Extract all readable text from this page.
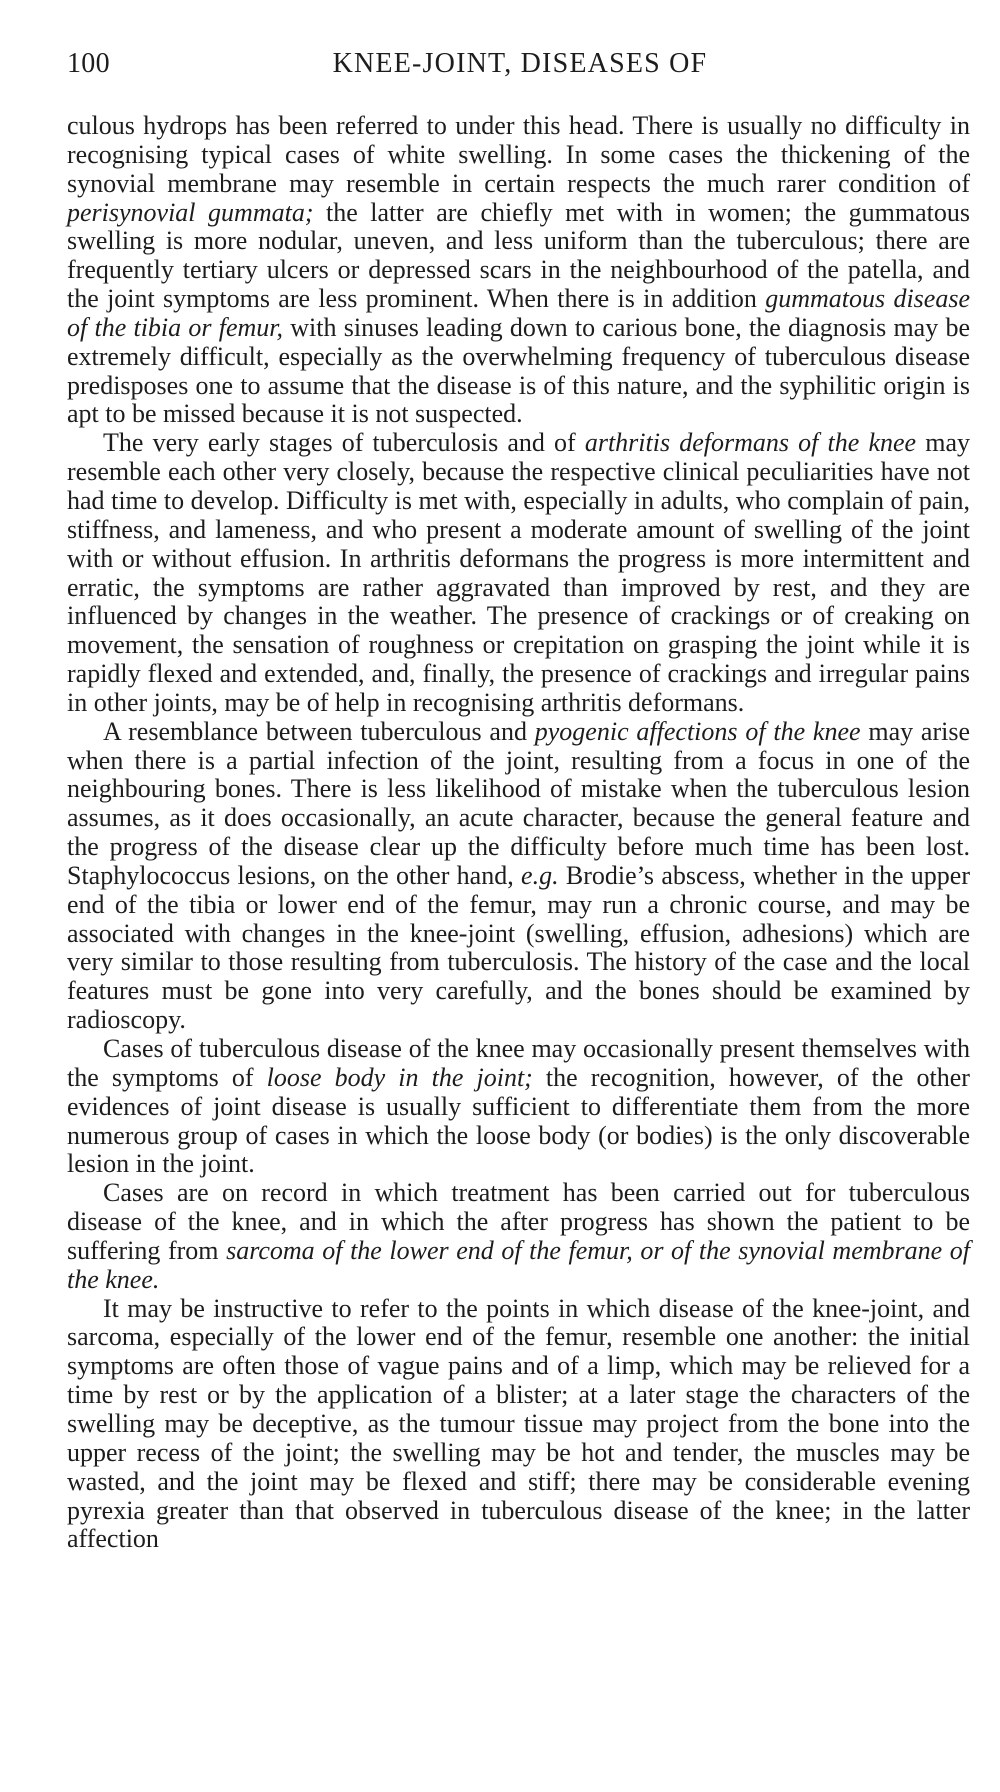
100	KNEE-JOINT, DISEASES OF

culous hydrops has been referred to under this head. There is usually no difficulty in recognising typical cases of white swelling. In some cases the thickening of the synovial membrane may resemble in certain respects the much rarer condition of perisynovial gummata; the latter are chiefly met with in women; the gummatous swelling is more nodular, uneven, and less uniform than the tuberculous; there are frequently tertiary ulcers or depressed scars in the neighbourhood of the patella, and the joint symptoms are less prominent. When there is in addition gummatous disease of the tibia or femur, with sinuses leading down to carious bone, the diagnosis may be extremely difficult, especially as the overwhelming frequency of tuberculous disease predisposes one to assume that the disease is of this nature, and the syphilitic origin is apt to be missed because it is not suspected.

The very early stages of tuberculosis and of arthritis deformans of the knee may resemble each other very closely, because the respective clinical peculiarities have not had time to develop. Difficulty is met with, especially in adults, who complain of pain, stiffness, and lameness, and who present a moderate amount of swelling of the joint with or without effusion. In arthritis deformans the progress is more intermittent and erratic, the symptoms are rather aggravated than improved by rest, and they are influenced by changes in the weather. The presence of crackings or of creaking on movement, the sensation of roughness or crepitation on grasping the joint while it is rapidly flexed and extended, and, finally, the presence of crackings and irregular pains in other joints, may be of help in recognising arthritis deformans.

A resemblance between tuberculous and pyogenic affections of the knee may arise when there is a partial infection of the joint, resulting from a focus in one of the neighbouring bones. There is less likelihood of mistake when the tuberculous lesion assumes, as it does occasionally, an acute character, because the general feature and the progress of the disease clear up the difficulty before much time has been lost. Staphylococcus lesions, on the other hand, e.g. Brodie’s abscess, whether in the upper end of the tibia or lower end of the femur, may run a chronic course, and may be associated with changes in the knee-joint (swelling, effusion, adhesions) which are very similar to those resulting from tuberculosis. The history of the case and the local features must be gone into very carefully, and the bones should be examined by radioscopy.

Cases of tuberculous disease of the knee may occasionally present themselves with the symptoms of loose body in the joint; the recognition, however, of the other evidences of joint disease is usually sufficient to differentiate them from the more numerous group of cases in which the loose body (or bodies) is the only discoverable lesion in the joint.

Cases are on record in which treatment has been carried out for tuberculous disease of the knee, and in which the after progress has shown the patient to be suffering from sarcoma of the lower end of the femur, or of the synovial membrane of the knee.

It may be instructive to refer to the points in which disease of the knee-joint, and sarcoma, especially of the lower end of the femur, resemble one another: the initial symptoms are often those of vague pains and of a limp, which may be relieved for a time by rest or by the application of a blister; at a later stage the characters of the swelling may be deceptive, as the tumour tissue may project from the bone into the upper recess of the joint; the swelling may be hot and tender, the muscles may be wasted, and the joint may be flexed and stiff; there may be considerable evening pyrexia greater than that observed in tuberculous disease of the knee; in the latter affection
